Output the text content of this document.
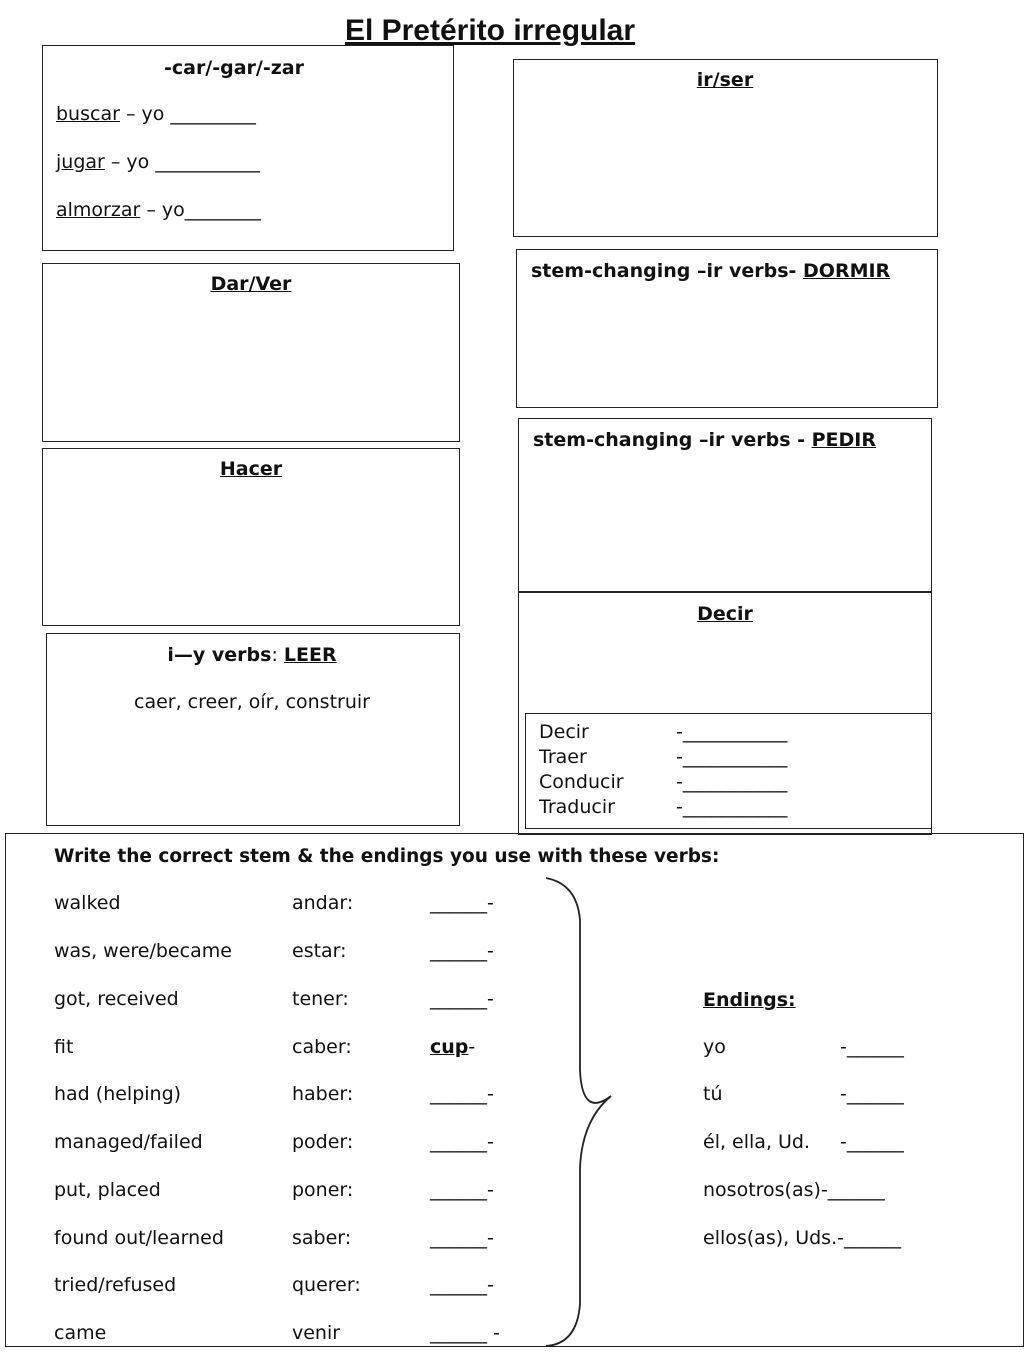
El Pretérito irregular
-car/-gar/-zar
buscar – yo _________
jugar – yo ___________
almorzar – yo________
ir/ser
Dar/Ver
stem-changing –ir verbs- DORMIR
Hacer
stem-changing –ir verbs - PEDIR
i—y verbs: LEER
caer, creer, oír, construir
Decir
Decir	-___________
Traer	-___________
Conducir	-___________
Traducir	-___________
Write the correct stem & the endings you use with these verbs:
walked	andar:	______-
was, were/became	estar:	______-
got, received	tener:	______-
fit	caber:	cup-
had (helping)	haber:	______-
managed/failed	poder:	______-
put, placed	poner:	______-
found out/learned	saber:	______-
tried/refused	querer:	______-
came	venir	______ -
Endings:
yo	-______
tú	-______
él, ella, Ud. -______
nosotros(as)-______
ellos(as), Uds.-______
